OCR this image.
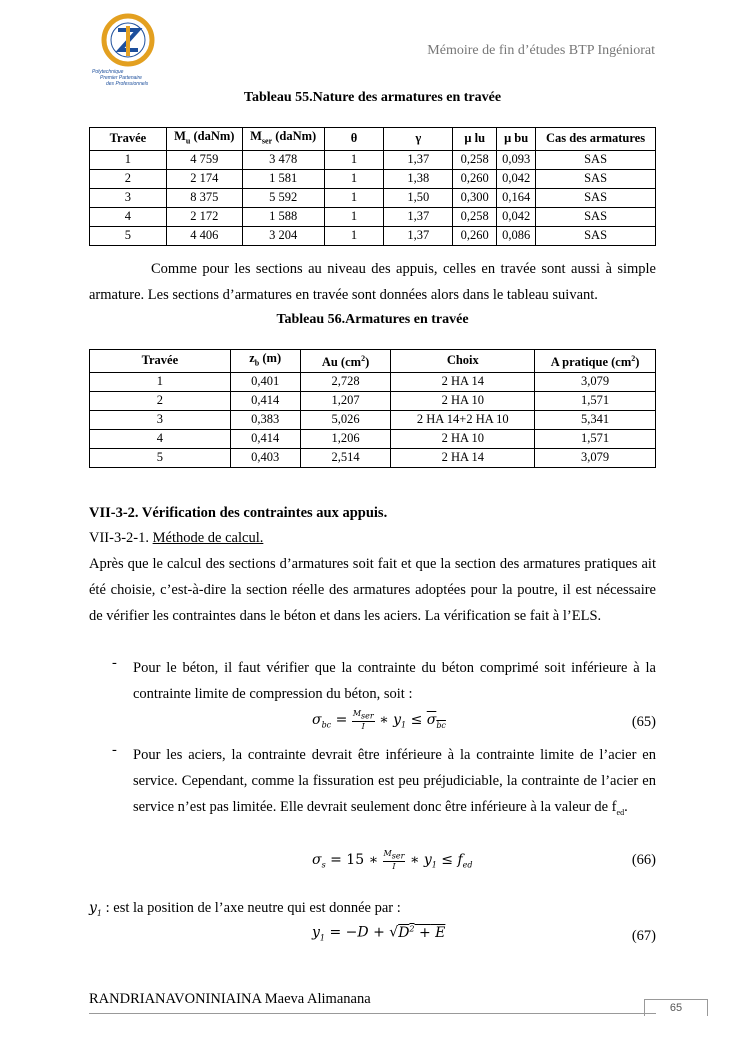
Polytechnique
Premier Partenaire
des Professionnels
Mémoire de fin d’études BTP Ingéniorat
Tableau 55.Nature des armatures en travée
Travée	$M_u$ (daNm)	$M_{ser}$ (daNm)	θ	γ	μ lu	μ bu	Cas des armatures
1	4 759	3 478	1	1,37	0,258	0,093	SAS
2	2 174	1 581	1	1,38	0,260	0,042	SAS
3	8 375	5 592	1	1,50	0,300	0,164	SAS
4	2 172	1 588	1	1,37	0,258	0,042	SAS
5	4 406	3 204	1	1,37	0,260	0,086	SAS
Comme pour les sections au niveau des appuis, celles en travée sont aussi à simple armature. Les sections d’armatures en travée sont données alors dans le tableau suivant.
Tableau 56.Armatures en travée
Travée	$z_b$ (m)	Au $(cm^2)$	Choix	A pratique $(cm^2)$
1	0,401	2,728	2 HA 14	3,079
2	0,414	1,207	2 HA 10	1,571
3	0,383	5,026	2 HA 14+2 HA 10	5,341
4	0,414	1,206	2 HA 10	1,571
5	0,403	2,514	2 HA 14	3,079
VII-3-2. Vérification des contraintes aux appuis.
VII-3-2-1. Méthode de calcul.
Après que le calcul des sections d’armatures soit fait et que la section des armatures pratiques ait été choisie, c’est-à-dire la section réelle des armatures adoptées pour la poutre, il est nécessaire de vérifier les contraintes dans le béton et dans les aciers. La vérification se fait à l’ELS.
- Pour le béton, il faut vérifier que la contrainte du béton comprimé soit inférieure à la contrainte limite de compression du béton, soit :
$\sigma_{bc} = \frac{M_{ser}}{I}$ ∗ $y_1 \le \sigma_{bc}$	(65)
- Pour les aciers, la contrainte devrait être inférieure à la contrainte limite de l’acier en service. Cependant, comme la fissuration est peu préjudiciable, la contrainte de l’acier en service n’est pas limitée. Elle devrait seulement donc être inférieure à la valeur de $f_{ed}$.
$\sigma_s = 15$ ∗ $\frac{M_{ser}}{I}$ ∗ $y_1 \le f_{ed}$	(66)
$y_1$ : est la position de l’axe neutre qui est donnée par :
$y_1 = -D + √D^2 + E$	(67)
RANDRIANAVONINIAINA Maeva Alimanana
65
